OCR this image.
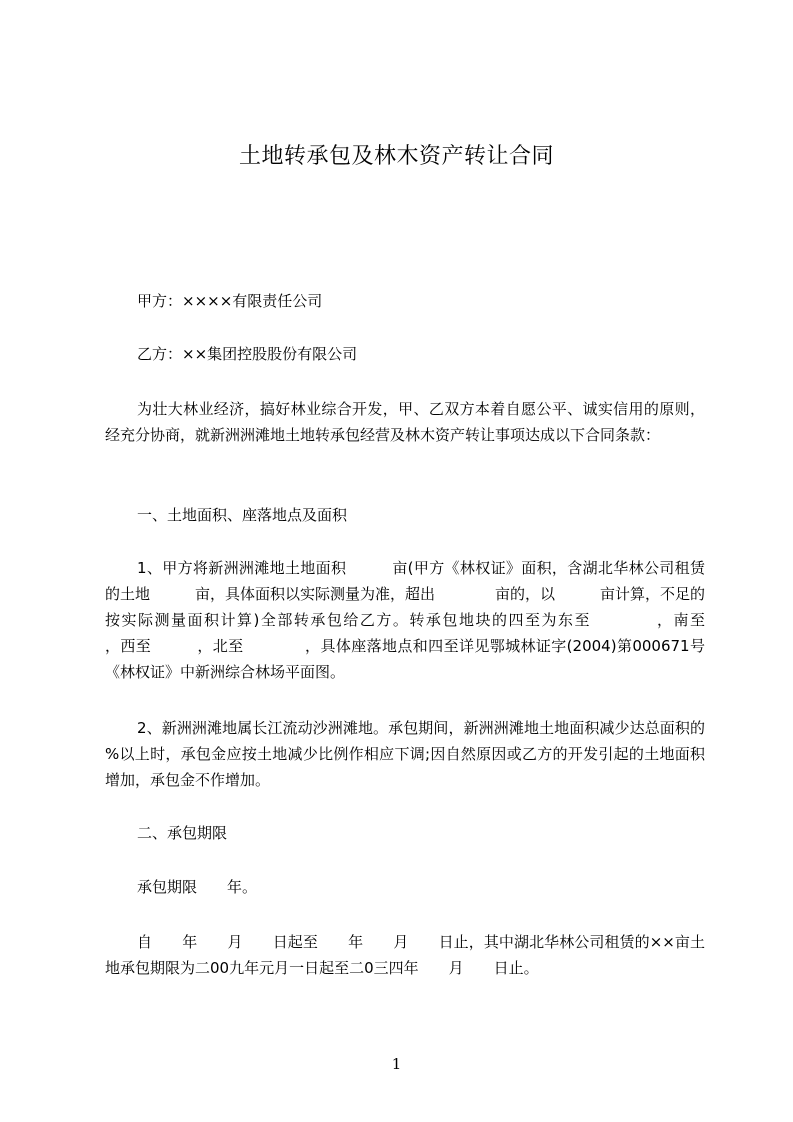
土地转承包及林木资产转让合同
甲方：××××有限责任公司
乙方：××集团控股股份有限公司
为壮大林业经济，搞好林业综合开发，甲、乙双方本着自愿公平、诚实信用的原则，经充分协商，就新洲洲滩地土地转承包经营及林木资产转让事项达成以下合同条款：
一、土地面积、座落地点及面积
1、甲方将新洲洲滩地土地面积　　　亩(甲方《林权证》面积，含湖北华林公司租赁的土地　　　亩，具体面积以实际测量为准，超出　　　　亩的，以　　　亩计算，不足的按实际测量面积计算)全部转承包给乙方。转承包地块的四至为东至　　　　，南至　　　　，西至　　　，北至　　　　，具体座落地点和四至详见鄂城林证字(2004)第000671号《林权证》中新洲综合林场平面图。
2、新洲洲滩地属长江流动沙洲滩地。承包期间，新洲洲滩地土地面积减少达总面积的　　%以上时，承包金应按土地减少比例作相应下调;因自然原因或乙方的开发引起的土地面积增加，承包金不作增加。
二、承包期限
承包期限　　年。
自　　年　　月　　日起至　　年　　月　　日止，其中湖北华林公司租赁的××亩土地承包期限为二00九年元月一日起至二0三四年　　月　　日止。
1
